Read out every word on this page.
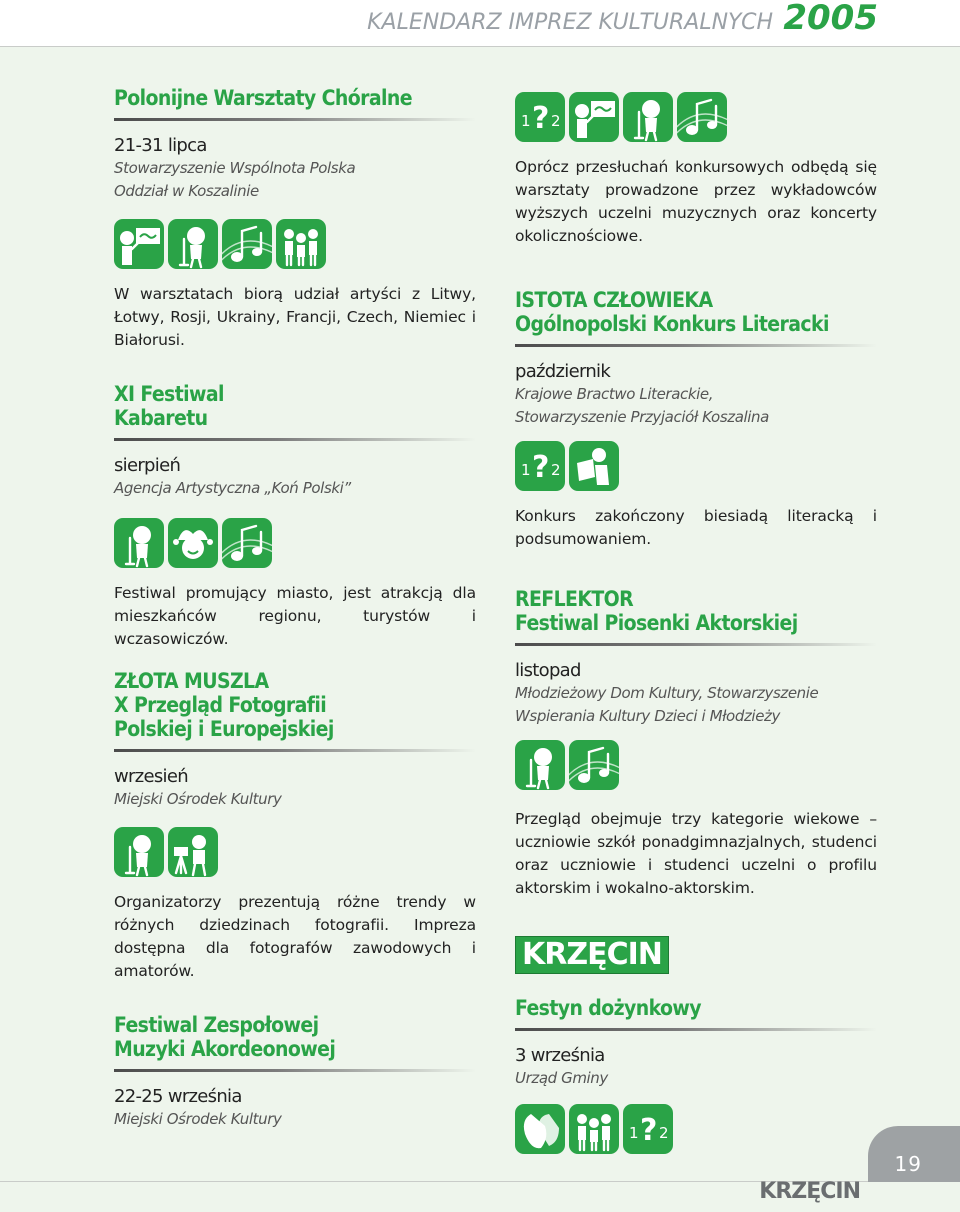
KALENDARZ IMPREZ KULTURALNYCH 2005
Polonijne Warsztaty Chóralne
21-31 lipca
Stowarzyszenie Wspólnota Polska
Oddział w Koszalinie

W warsztatach biorą udział artyści z Litwy, Łotwy, Rosji, Ukrainy, Francji, Czech, Niemiec i Białorusi.

XI Festiwal
Kabaretu
sierpień
Agencja Artystyczna „Koń Polski”

Festiwal promujący miasto, jest atrakcją dla mieszkańców regionu, turystów i wczasowiczów.

ZŁOTA MUSZLA
X Przegląd Fotografii
Polskiej i Europejskiej
wrzesień
Miejski Ośrodek Kultury

Organizatorzy prezentują różne trendy w różnych dziedzinach fotografii. Impreza dostępna dla fotografów zawodowych i amatorów.

Festiwal Zespołowej
Muzyki Akordeonowej
22-25 września
Miejski Ośrodek Kultury
1 ? 2

Oprócz przesłuchań konkursowych odbędą się warsztaty prowadzone przez wykładowców wyższych uczelni muzycznych oraz koncerty okolicznościowe.

ISTOTA CZŁOWIEKA
Ogólnopolski Konkurs Literacki
październik
Krajowe Bractwo Literackie,
Stowarzyszenie Przyjaciół Koszalina
1 ? 2

Konkurs zakończony biesiadą literacką i podsumowaniem.

REFLEKTOR
Festiwal Piosenki Aktorskiej
listopad
Młodzieżowy Dom Kultury, Stowarzyszenie
Wspierania Kultury Dzieci i Młodzieży

Przegląd obejmuje trzy kategorie wiekowe – uczniowie szkół ponadgimnazjalnych, studenci oraz uczniowie i studenci uczelni o profilu aktorskim i wokalno-aktorskim.

KRZĘCIN
Festyn dożynkowy
3 września
Urząd Gminy
1 ? 2
19
KRZĘCIN
